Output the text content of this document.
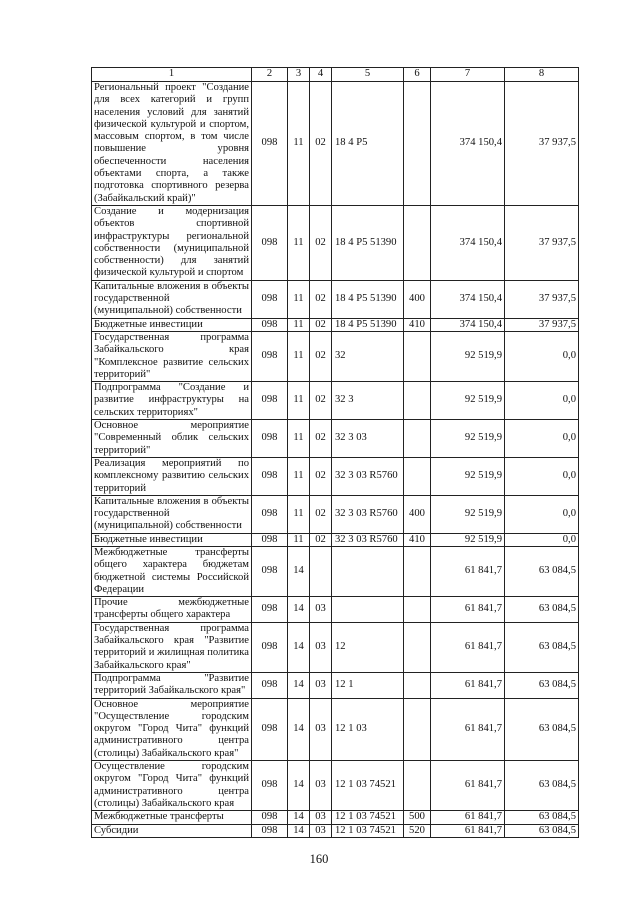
1	2	3	4	5	6	7	8
Региональный проект "Создание для всех категорий и групп населения условий для занятий физической культурой и спортом, массовым спортом, в том числе повышение уровня обеспеченности населения объектами спорта, а также подготовка спортивного резерва (Забайкальский край)"	098	11	02	18 4 P5		374 150,4	37 937,5
Создание и модернизация объектов спортивной инфраструктуры региональной собственности (муниципальной собственности) для занятий физической культурой и спортом	098	11	02	18 4 P5 51390		374 150,4	37 937,5
Капитальные вложения в объекты государственной (муниципальной) собственности	098	11	02	18 4 P5 51390	400	374 150,4	37 937,5
Бюджетные инвестиции	098	11	02	18 4 P5 51390	410	374 150,4	37 937,5
Государственная программа Забайкальского края "Комплексное развитие сельских территорий"	098	11	02	32		92 519,9	0,0
Подпрограмма "Создание и развитие инфраструктуры на сельских территориях"	098	11	02	32 3		92 519,9	0,0
Основное мероприятие "Современный облик сельских территорий"	098	11	02	32 3 03		92 519,9	0,0
Реализация мероприятий по комплексному развитию сельских территорий	098	11	02	32 3 03 R5760		92 519,9	0,0
Капитальные вложения в объекты государственной (муниципальной) собственности	098	11	02	32 3 03 R5760	400	92 519,9	0,0
Бюджетные инвестиции	098	11	02	32 3 03 R5760	410	92 519,9	0,0
Межбюджетные трансферты общего характера бюджетам бюджетной системы Российской Федерации	098	14				61 841,7	63 084,5
Прочие межбюджетные трансферты общего характера	098	14	03			61 841,7	63 084,5
Государственная программа Забайкальского края "Развитие территорий и жилищная политика Забайкальского края"	098	14	03	12		61 841,7	63 084,5
Подпрограмма "Развитие территорий Забайкальского края"	098	14	03	12 1		61 841,7	63 084,5
Основное мероприятие "Осуществление городским округом "Город Чита" функций административного центра (столицы) Забайкальского края"	098	14	03	12 1 03		61 841,7	63 084,5
Осуществление городским округом "Город Чита" функций административного центра (столицы) Забайкальского края	098	14	03	12 1 03 74521		61 841,7	63 084,5
Межбюджетные трансферты	098	14	03	12 1 03 74521	500	61 841,7	63 084,5
Субсидии	098	14	03	12 1 03 74521	520	61 841,7	63 084,5
160
